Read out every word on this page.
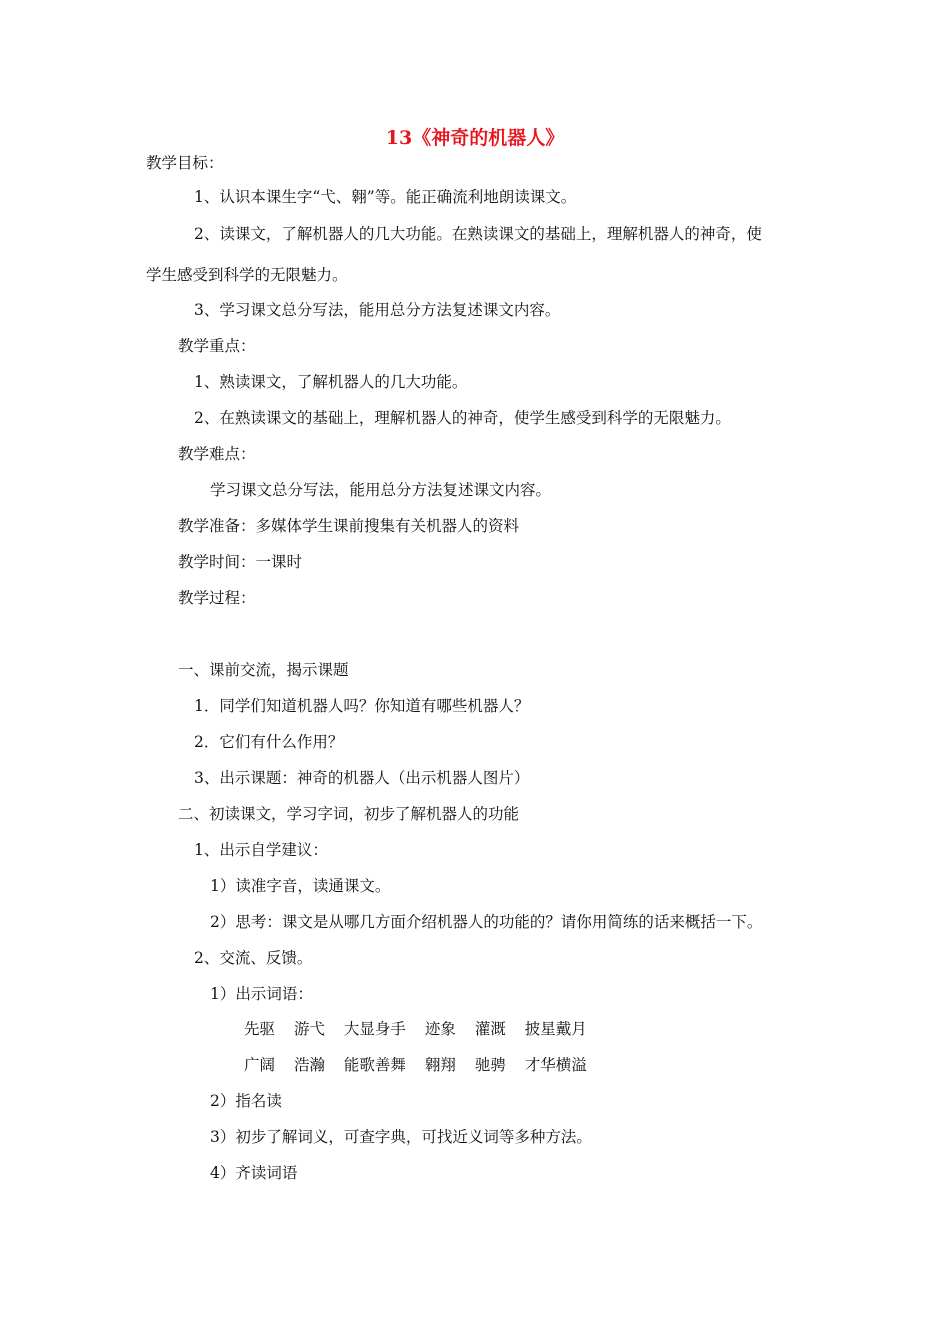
13《神奇的机器人》
教学目标：
1、认识本课生字“弋、翱”等。能正确流利地朗读课文。
2、读课文，了解机器人的几大功能。在熟读课文的基础上，理解机器人的神奇，使
学生感受到科学的无限魅力。
3、学习课文总分写法，能用总分方法复述课文内容。
教学重点：
1、熟读课文，了解机器人的几大功能。
2、在熟读课文的基础上，理解机器人的神奇，使学生感受到科学的无限魅力。
教学难点：
学习课文总分写法，能用总分方法复述课文内容。
教学准备：多媒体学生课前搜集有关机器人的资料
教学时间：一课时
教学过程：
一、课前交流，揭示课题
1．同学们知道机器人吗？你知道有哪些机器人？
2．它们有什么作用？
3、出示课题：神奇的机器人（出示机器人图片）
二、初读课文，学习字词，初步了解机器人的功能
1、出示自学建议：
1）读准字音，读通课文。
2）思考：课文是从哪几方面介绍机器人的功能的？请你用简练的话来概括一下。
2、交流、反馈。
1）出示词语：
先驱 游弋 大显身手 迹象 灌溉 披星戴月
广阔 浩瀚 能歌善舞 翱翔 驰骋 才华横溢
2）指名读
3）初步了解词义，可查字典，可找近义词等多种方法。
4）齐读词语
